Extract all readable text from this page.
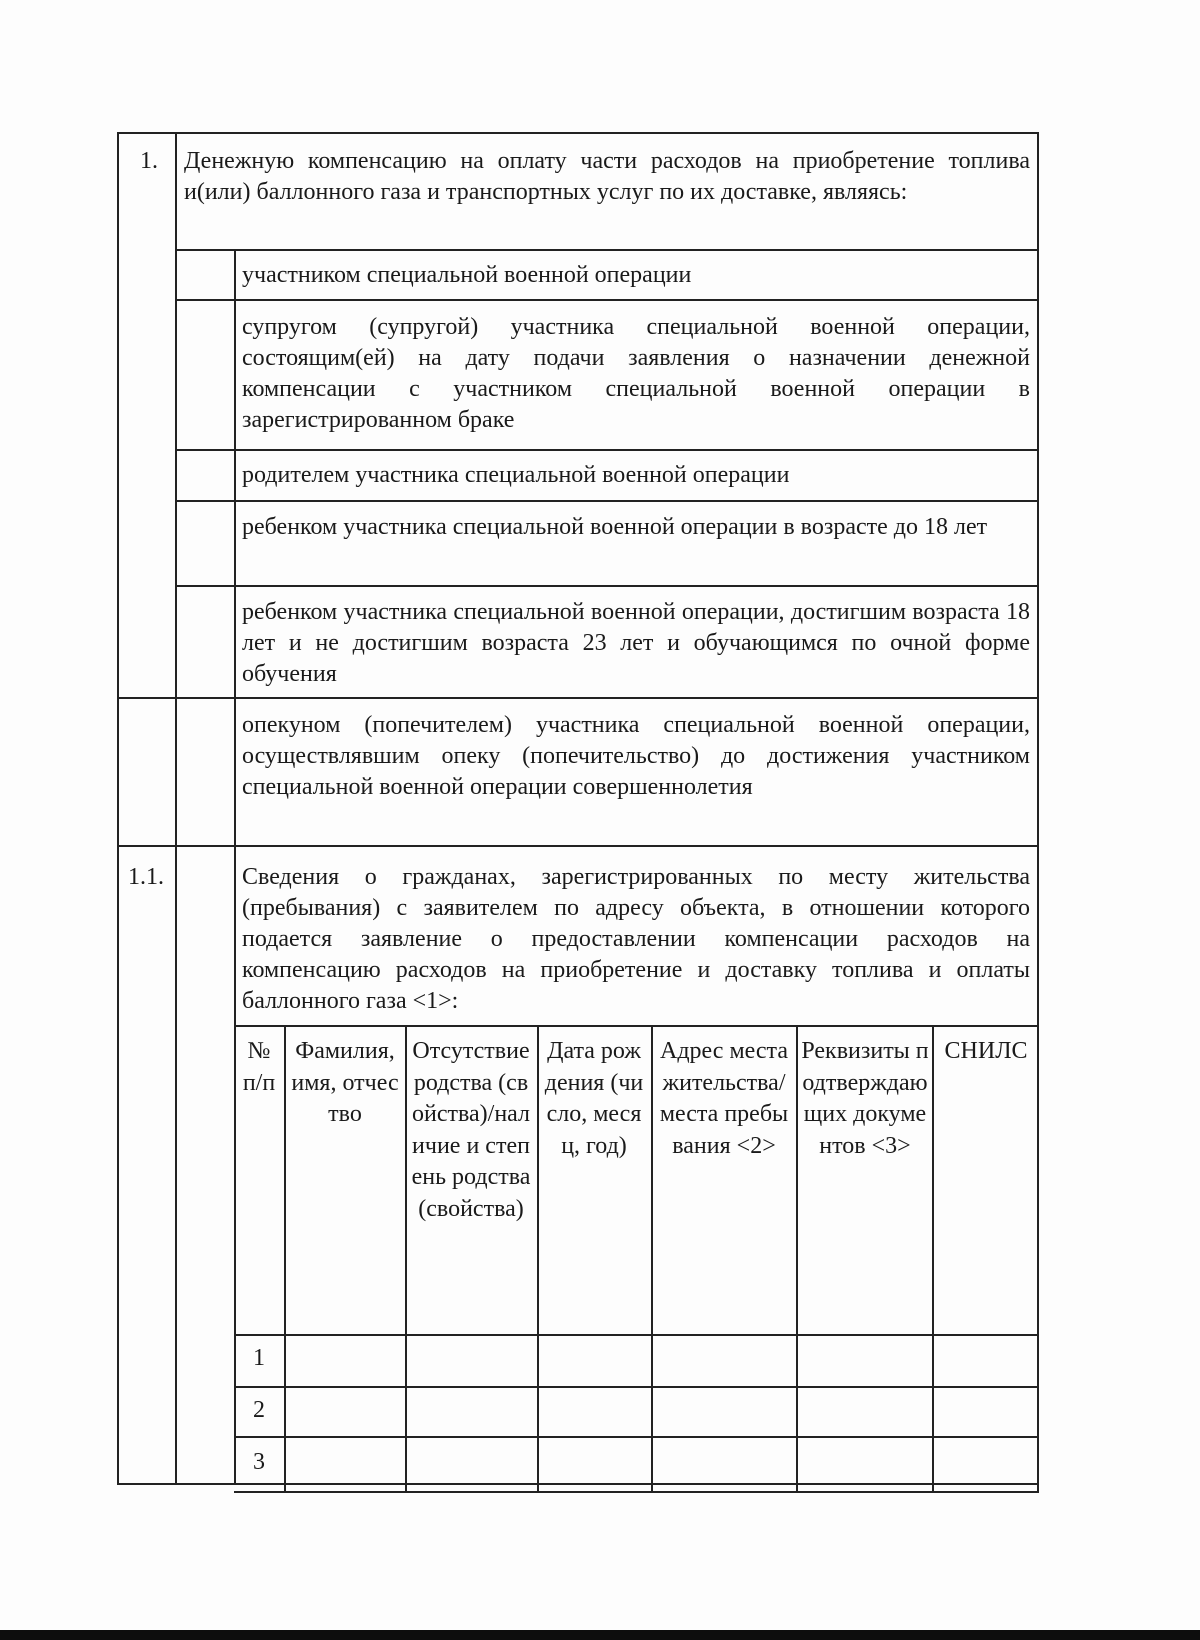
1. Денежную компенсацию на оплату части расходов на приобретение топлива и(или) баллонного газа и транспортных услуг по их доставке, являясь:
участником специальной военной операции
супругом (супругой) участника специальной военной операции, состоящим(ей) на дату подачи заявления о назначении денежной компенсации с участником специальной военной операции в зарегистрированном браке
родителем участника специальной военной операции
ребенком участника специальной военной операции в возрасте до 18 лет
ребенком участника специальной военной операции, достигшим возраста 18 лет и не достигшим возраста 23 лет и обучающимся по очной форме обучения
опекуном (попечителем) участника специальной военной операции, осуществлявшим опеку (попечительство) до достижения участником специальной военной операции совершеннолетия
1.1.	Сведения о гражданах, зарегистрированных по месту жительства (пребывания) с заявителем по адресу объекта, в отношении которого подается заявление о предоставлении компенсации расходов на компенсацию расходов на приобретение и доставку топлива и оплаты баллонного газа <1>:
№ п/п
Фамилия, имя, отчество
Отсутствие родства (свойства)/наличие и степень родства (свойства)
Дата рождения (число, месяц, год)
Адрес места жительства/места пребывания <2>
Реквизиты подтверждающих документов <3>
СНИЛС
1
2
3
